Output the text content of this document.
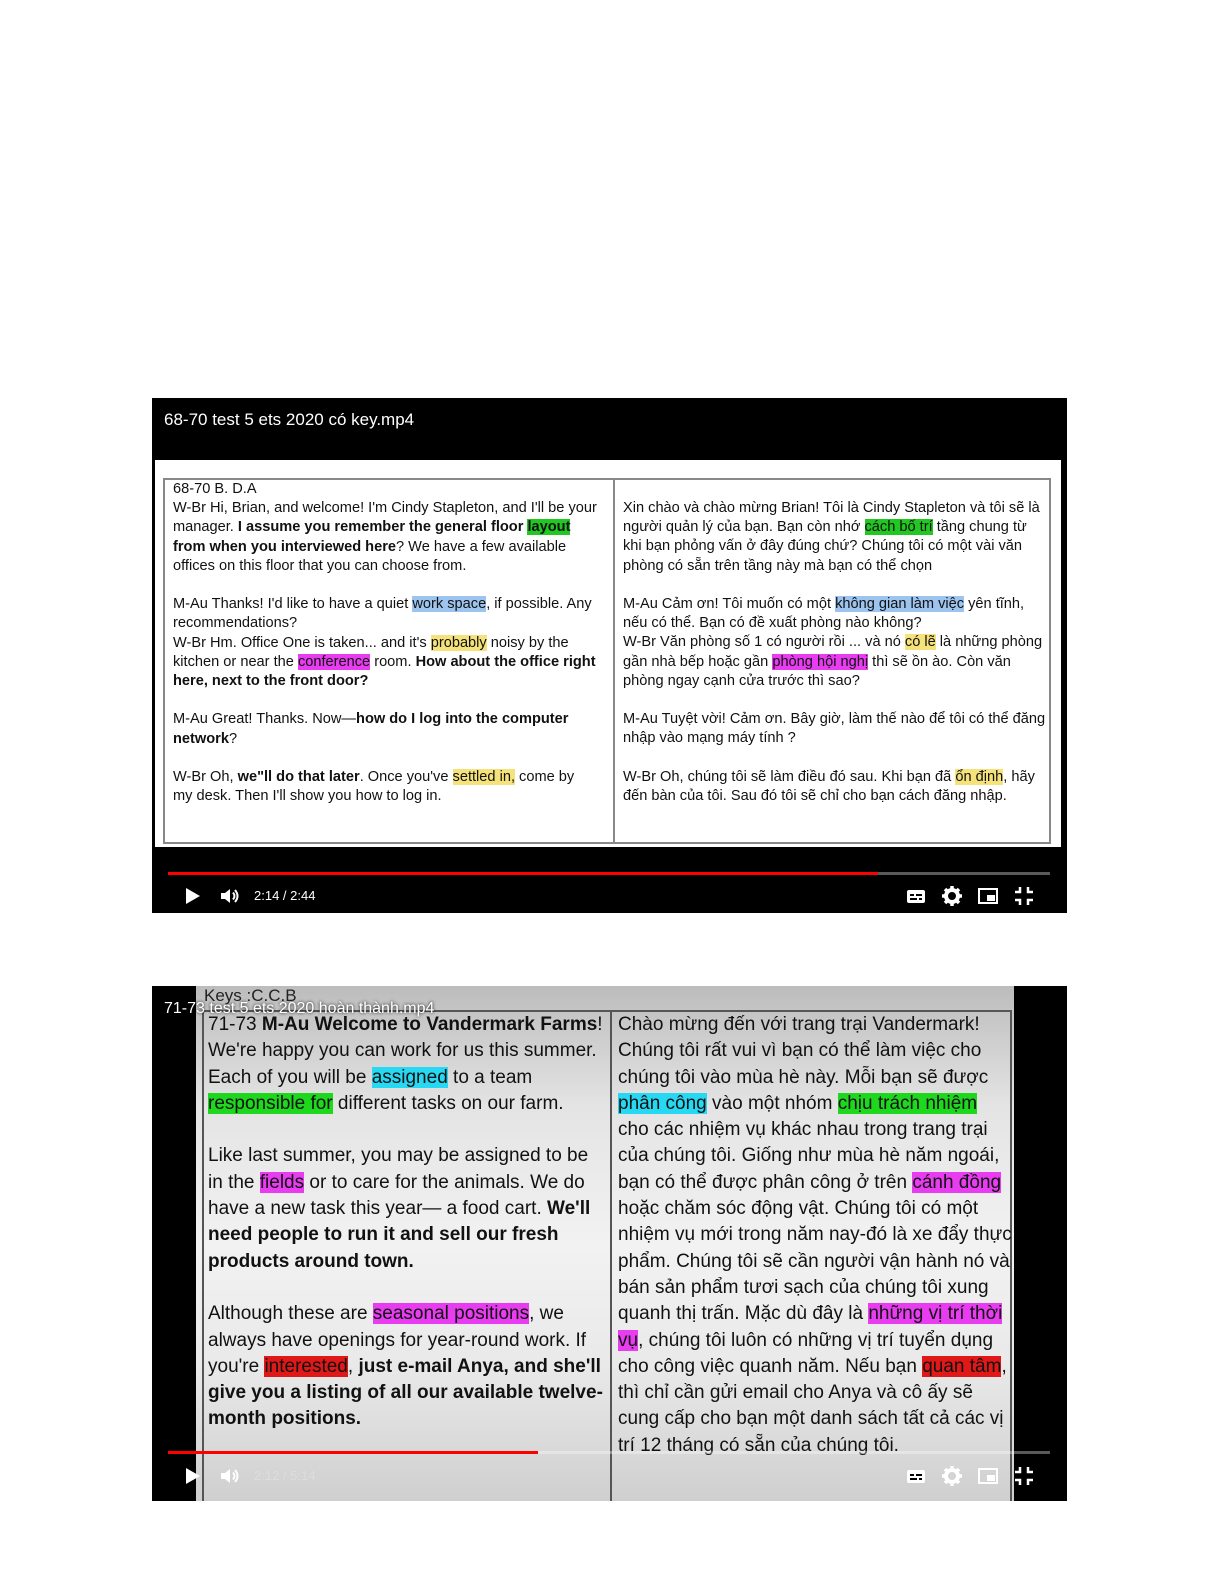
68-70 test 5 ets 2020 có key.mp4
68-70 B. D.A

W-Br Hi, Brian, and welcome! I'm Cindy Stapleton, and I'll be your manager. I assume you remember the general floor layout from when you interviewed here? We have a few available offices on this floor that you can choose from.

M-Au Thanks! I'd like to have a quiet work space, if possible. Any recommendations?
W-Br Hm. Office One is taken... and it's probably noisy by the kitchen or near the conference room. How about the office right here, next to the front door?

M-Au Great! Thanks. Now—how do I log into the computer network?

W-Br Oh, we"ll do that later. Once you've settled in, come by my desk. Then I'll show you how to log in.

Xin chào và chào mừng Brian! Tôi là Cindy Stapleton và tôi sẽ là người quản lý của bạn. Bạn còn nhớ cách bố trí tầng chung từ khi bạn phỏng vấn ở đây đúng chứ? Chúng tôi có một vài văn phòng có sẵn trên tầng này mà bạn có thể chọn

M-Au Cảm ơn! Tôi muốn có một không gian làm việc yên tĩnh, nếu có thể. Bạn có đề xuất phòng nào không?
W-Br Văn phòng số 1 có người rồi ... và nó có lẽ là những phòng gần nhà bếp hoặc gần phòng hội nghị thì sẽ ồn ào. Còn văn phòng ngay cạnh cửa trước thì sao?

M-Au Tuyệt vời! Cảm ơn. Bây giờ, làm thế nào để tôi có thể đăng nhập vào mạng máy tính ?

W-Br Oh, chúng tôi sẽ làm điều đó sau. Khi bạn đã ổn định, hãy đến bàn của tôi. Sau đó tôi sẽ chỉ cho bạn cách đăng nhập.

2:14 / 2:44
Keys :C.C.B
71-73 M-Au Welcome to Vandermark Farms! We're happy you can work for us this summer.

Each of you will be assigned to a team responsible for different tasks on our farm.

Like last summer, you may be assigned to be in the fields or to care for the animals. We do have a new task this year— a food cart. We'll need people to run it and sell our fresh products around town.

Although these are seasonal positions, we always have openings for year-round work. If you're interested, just e-mail Anya, and she'll give you a listing of all our available twelve-month positions.

Chào mừng đến với trang trại Vandermark! Chúng tôi rất vui vì bạn có thể làm việc cho chúng tôi vào mùa hè này. Mỗi bạn sẽ được phân công vào một nhóm chịu trách nhiệm cho các nhiệm vụ khác nhau trong trang trại của chúng tôi. Giống như mùa hè năm ngoái, bạn có thể được phân công ở trên cánh đồng hoặc chăm sóc động vật. Chúng tôi có một nhiệm vụ mới trong năm nay-đó là xe đẩy thực phẩm. Chúng tôi sẽ cần người vận hành nó và bán sản phẩm tươi sạch của chúng tôi xung quanh thị trấn. Mặc dù đây là những vị trí thời vụ, chúng tôi luôn có những vị trí tuyển dụng cho công việc quanh năm. Nếu bạn quan tâm, thì chỉ cần gửi email cho Anya và cô ấy sẽ cung cấp cho bạn một danh sách tất cả các vị trí 12 tháng có sẵn của chúng tôi.
71-73 test 5 ets 2020 hoàn thành.mp4
2:12 / 5:14
